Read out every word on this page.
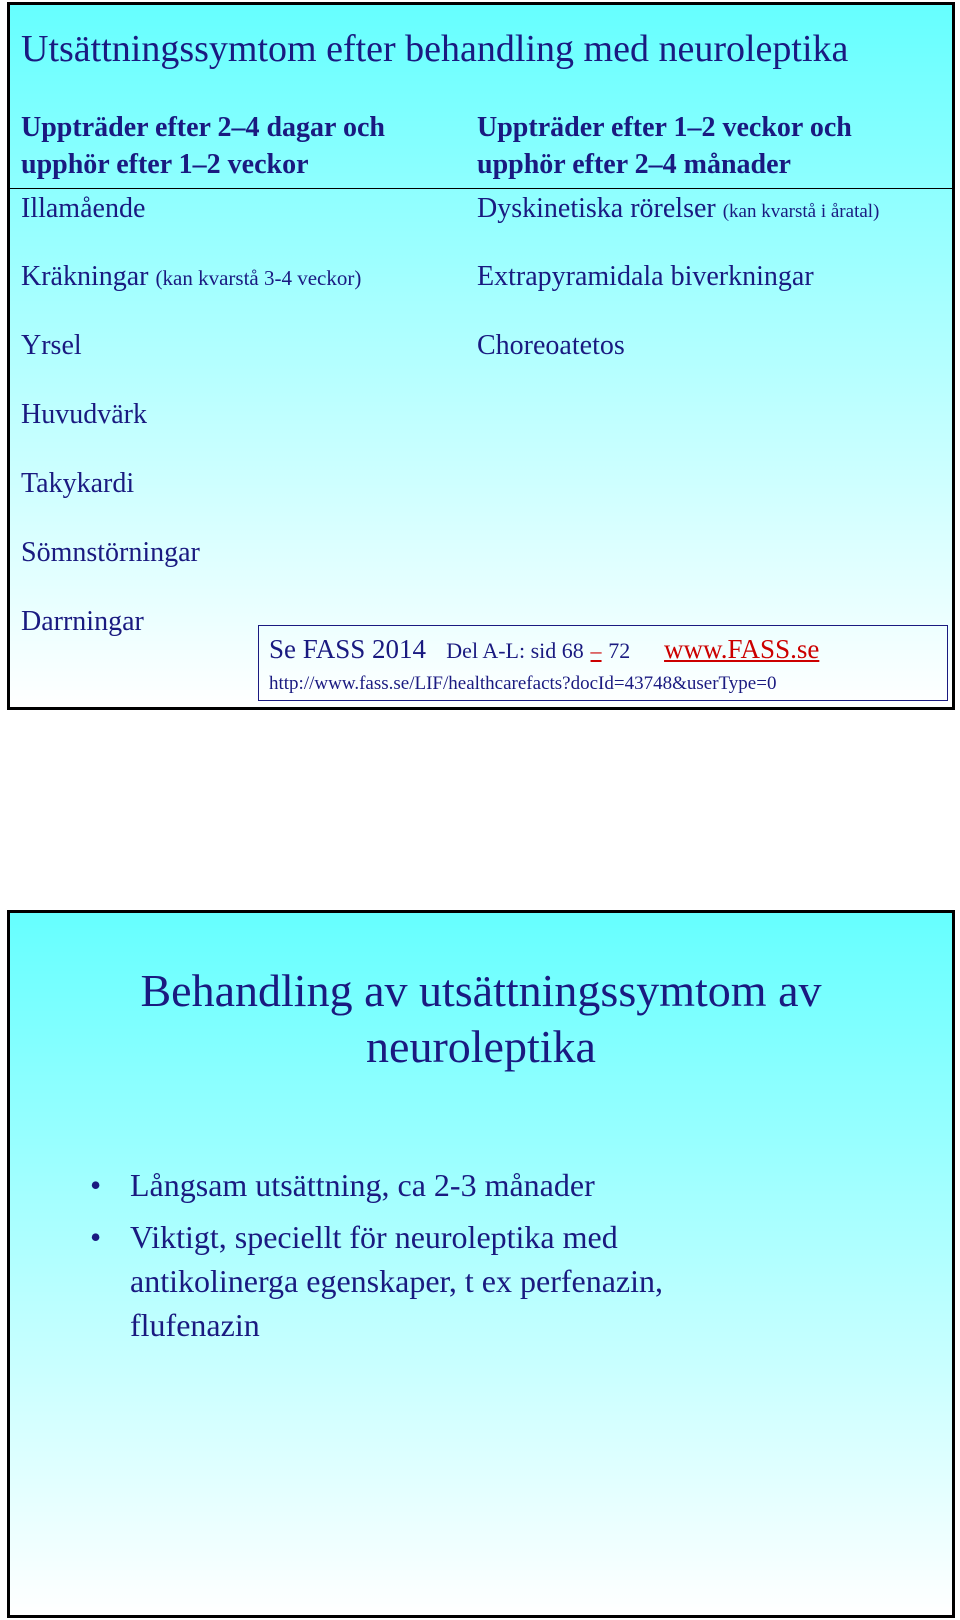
Utsättningssymtom efter behandling med neuroleptika
Uppträder efter 2–4 dagar och
upphör efter 1–2 veckor
Uppträder efter 1–2 veckor och
upphör efter 2–4 månader
Illamående
Kräkningar (kan kvarstå 3-4 veckor)
Yrsel
Huvudvärk
Takykardi
Sömnstörningar
Darrningar
Dyskinetiska rörelser (kan kvarstå i åratal)
Extrapyramidala biverkningar
Choreoatetos
Se FASS 2014 Del A-L: sid 68 – 72 www.FASS.se
http://www.fass.se/LIF/healthcarefacts?docId=43748&userType=0
Behandling av utsättningssymtom av
neuroleptika
• Långsam utsättning, ca 2-3 månader
• Viktigt, speciellt för neuroleptika med
antikolinerga egenskaper, t ex perfenazin,
flufenazin
